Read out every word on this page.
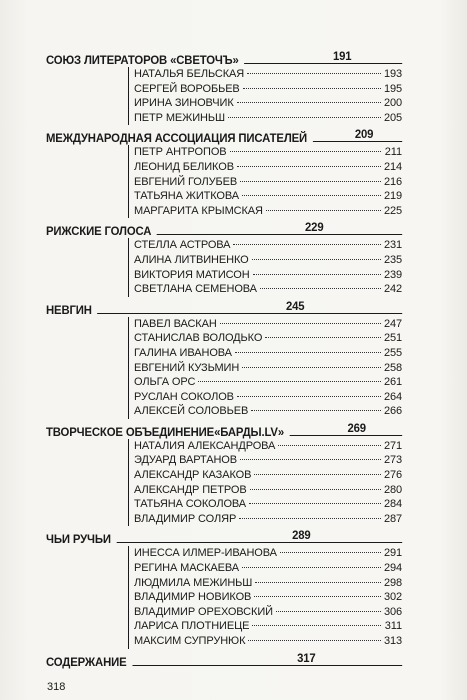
СОЮЗ ЛИТЕРАТОРОВ «СВЕТОЧЪ»	191
НАТАЛЬЯ БЕЛЬСКАЯ	193
СЕРГЕЙ ВОРОБЬЕВ	195
ИРИНА ЗИНОВЧИК	200
ПЕТР МЕЖИНЬШ	205
МЕЖДУНАРОДНАЯ АССОЦИАЦИЯ ПИСАТЕЛЕЙ	209
ПЕТР АНТРОПОВ	211
ЛЕОНИД БЕЛИКОВ	214
ЕВГЕНИЙ ГОЛУБЕВ	216
ТАТЬЯНА ЖИТКОВА	219
МАРГАРИТА КРЫМСКАЯ	225
РИЖСКИЕ ГОЛОСА	229
СТЕЛЛА АСТРОВА	231
АЛИНА ЛИТВИНЕНКО	235
ВИКТОРИЯ МАТИСОН	239
СВЕТЛАНА СЕМЕНОВА	242
НЕВГИН	245
ПАВЕЛ ВАСКАН	247
СТАНИСЛАВ ВОЛОДЬКО	251
ГАЛИНА ИВАНОВА	255
ЕВГЕНИЙ КУЗЬМИН	258
ОЛЬГА ОРС	261
РУСЛАН СОКОЛОВ	264
АЛЕКСЕЙ СОЛОВЬЕВ	266
ТВОРЧЕСКОЕ ОБЪЕДИНЕНИЕ«БАРДЫ.LV»	269
НАТАЛИЯ АЛЕКСАНДРОВА	271
ЭДУАРД ВАРТАНОВ	273
АЛЕКСАНДР КАЗАКОВ	276
АЛЕКСАНДР ПЕТРОВ	280
ТАТЬЯНА СОКОЛОВА	284
ВЛАДИМИР СОЛЯР	287
ЧЬИ РУЧЬИ	289
ИНЕССА ИЛМЕР-ИВАНОВА	291
РЕГИНА МАСКАЕВА	294
ЛЮДМИЛА МЕЖИНЬШ	298
ВЛАДИМИР НОВИКОВ	302
ВЛАДИМИР ОРЕХОВСКИЙ	306
ЛАРИСА ПЛОТНИЕЦЕ	311
МАКСИМ СУПРУНЮК	313
СОДЕРЖАНИЕ	317
318
